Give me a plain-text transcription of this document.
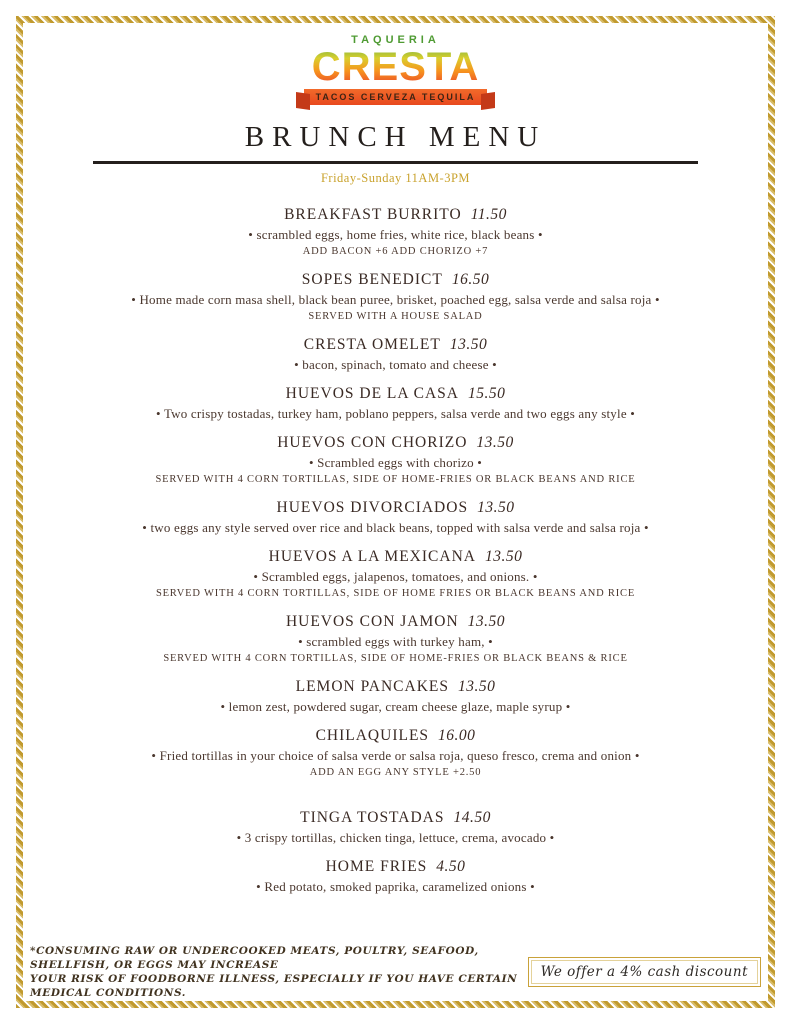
TAQUERIA
CRESTA
TACOS CERVEZA TEQUILA
BRUNCH MENU
Friday-Sunday 11AM-3PM
BREAKFAST BURRITO 11.50
• scrambled eggs, home fries, white rice, black beans •
ADD BACON +6 ADD CHORIZO +7
SOPES BENEDICT 16.50
• Home made corn masa shell, black bean puree, brisket, poached egg, salsa verde and salsa roja •
SERVED WITH A HOUSE SALAD
CRESTA OMELET 13.50
• bacon, spinach, tomato and cheese •
HUEVOS DE LA CASA 15.50
• Two crispy tostadas, turkey ham, poblano peppers, salsa verde and two eggs any style •
HUEVOS CON CHORIZO 13.50
• Scrambled eggs with chorizo •
SERVED WITH 4 CORN TORTILLAS, SIDE OF HOME-FRIES OR BLACK BEANS AND RICE
HUEVOS DIVORCIADOS 13.50
• two eggs any style served over rice and black beans, topped with salsa verde and salsa roja •
HUEVOS A LA MEXICANA 13.50
• Scrambled eggs, jalapenos, tomatoes, and onions. •
SERVED WITH 4 CORN TORTILLAS, SIDE OF HOME FRIES OR BLACK BEANS AND RICE
HUEVOS CON JAMON 13.50
• scrambled eggs with turkey ham, •
SERVED WITH 4 CORN TORTILLAS, SIDE OF HOME-FRIES OR BLACK BEANS & RICE
LEMON PANCAKES 13.50
• lemon zest, powdered sugar, cream cheese glaze, maple syrup •
CHILAQUILES 16.00
• Fried tortillas in your choice of salsa verde or salsa roja, queso fresco, crema and onion •
ADD AN EGG ANY STYLE +2.50
TINGA TOSTADAS 14.50
• 3 crispy tortillas, chicken tinga, lettuce, crema, avocado •
HOME FRIES 4.50
• Red potato, smoked paprika, caramelized onions •
*CONSUMING RAW OR UNDERCOOKED MEATS, POULTRY, SEAFOOD, SHELLFISH, OR EGGS MAY INCREASE
YOUR RISK OF FOODBORNE ILLNESS, ESPECIALLY IF YOU HAVE CERTAIN MEDICAL CONDITIONS.
We offer a 4% cash discount
